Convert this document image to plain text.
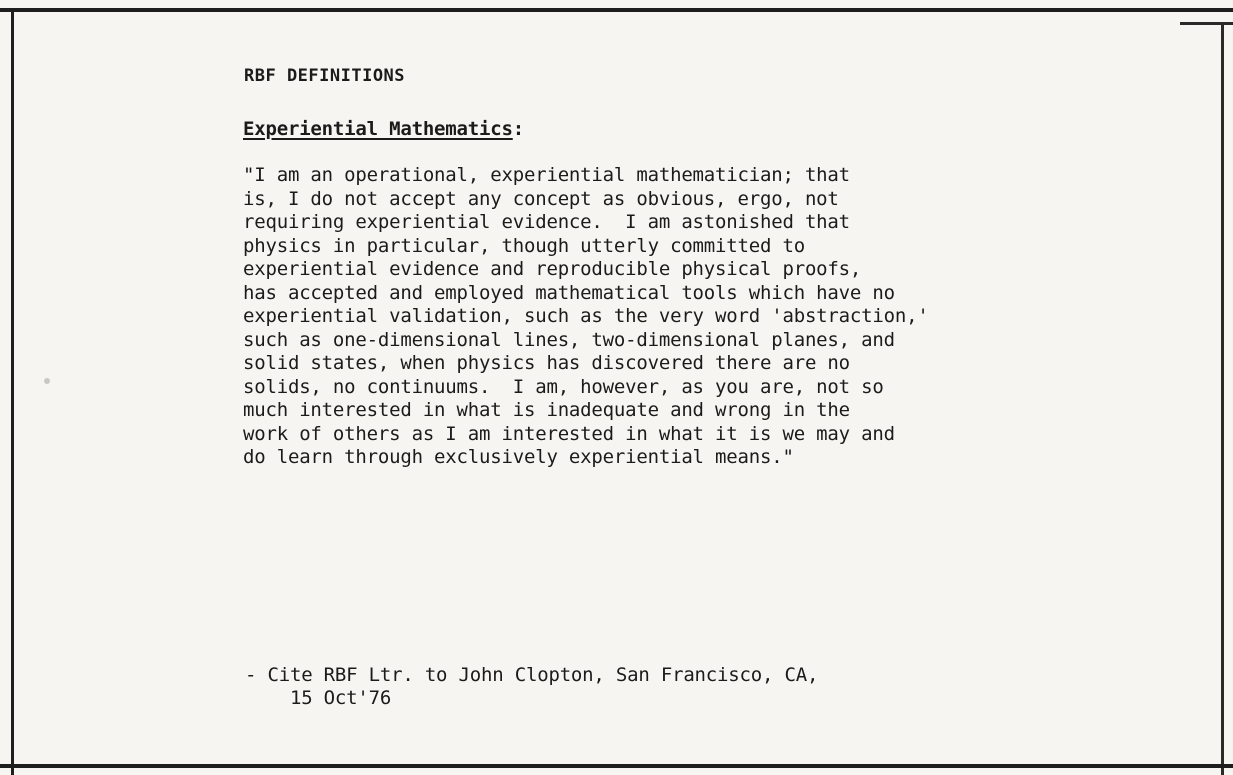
RBF DEFINITIONS
Experiential Mathematics:
"I am an operational, experiential mathematician; that
is, I do not accept any concept as obvious, ergo, not
requiring experiential evidence.  I am astonished that
physics in particular, though utterly committed to
experiential evidence and reproducible physical proofs,
has accepted and employed mathematical tools which have no
experiential validation, such as the very word 'abstraction,'
such as one-dimensional lines, two-dimensional planes, and
solid states, when physics has discovered there are no
solids, no continuums.  I am, however, as you are, not so
much interested in what is inadequate and wrong in the
work of others as I am interested in what it is we may and
do learn through exclusively experiential means."
- Cite RBF Ltr. to John Clopton, San Francisco, CA,
15 Oct'76
